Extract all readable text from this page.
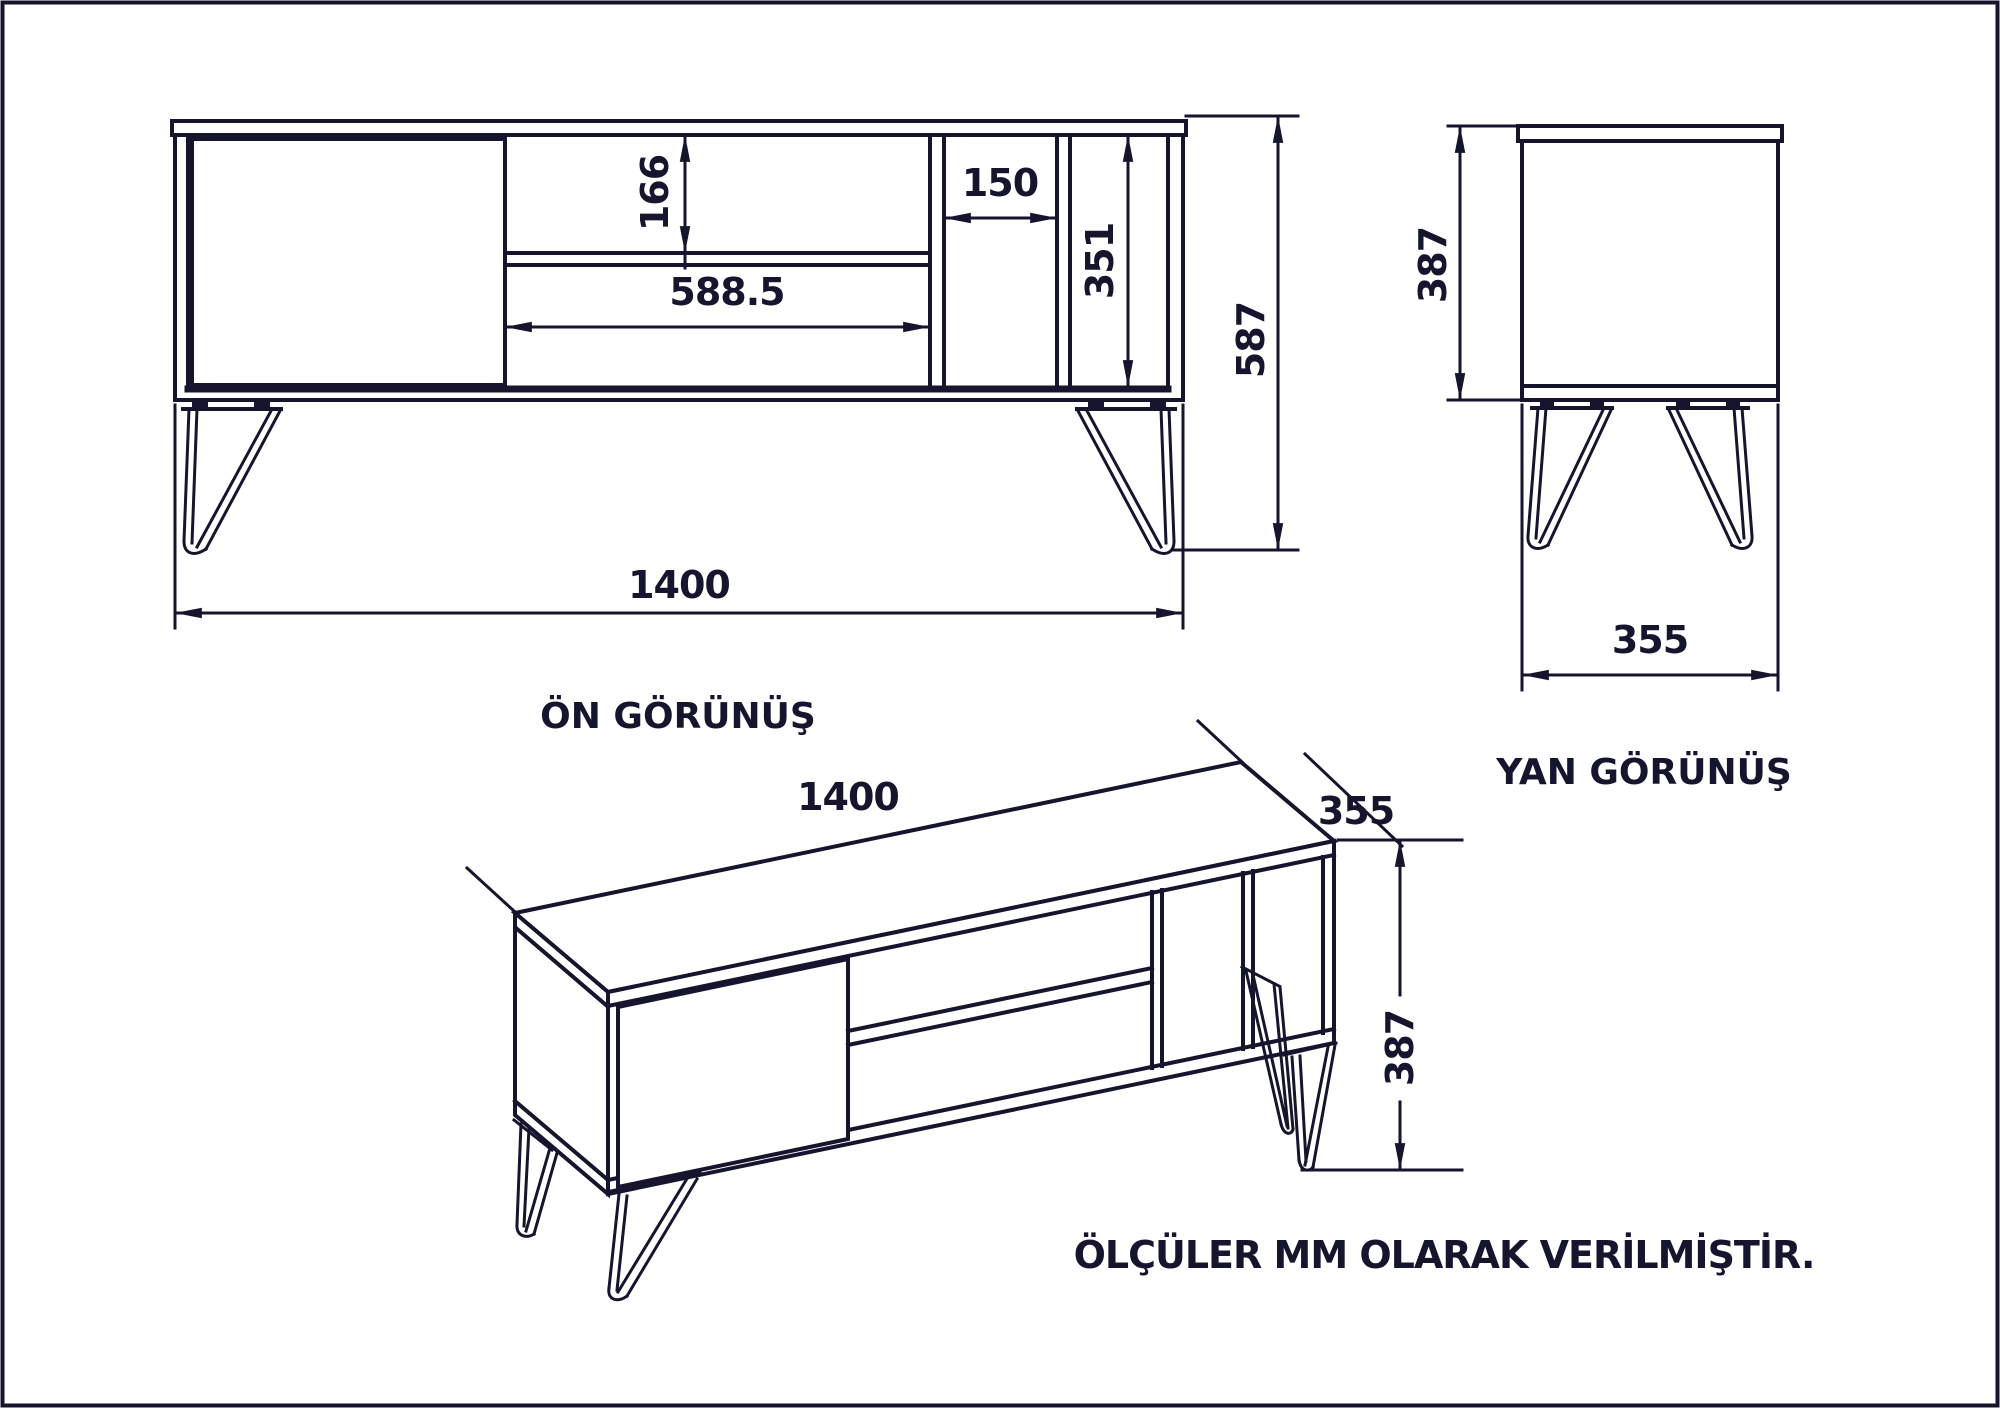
166	150
588.5	351
587
1400
ÖN GÖRÜNÜŞ
387
355
YAN GÖRÜNÜŞ
1400	355
387
ÖLÇÜLER MM OLARAK VERİLMİŞTİR.
